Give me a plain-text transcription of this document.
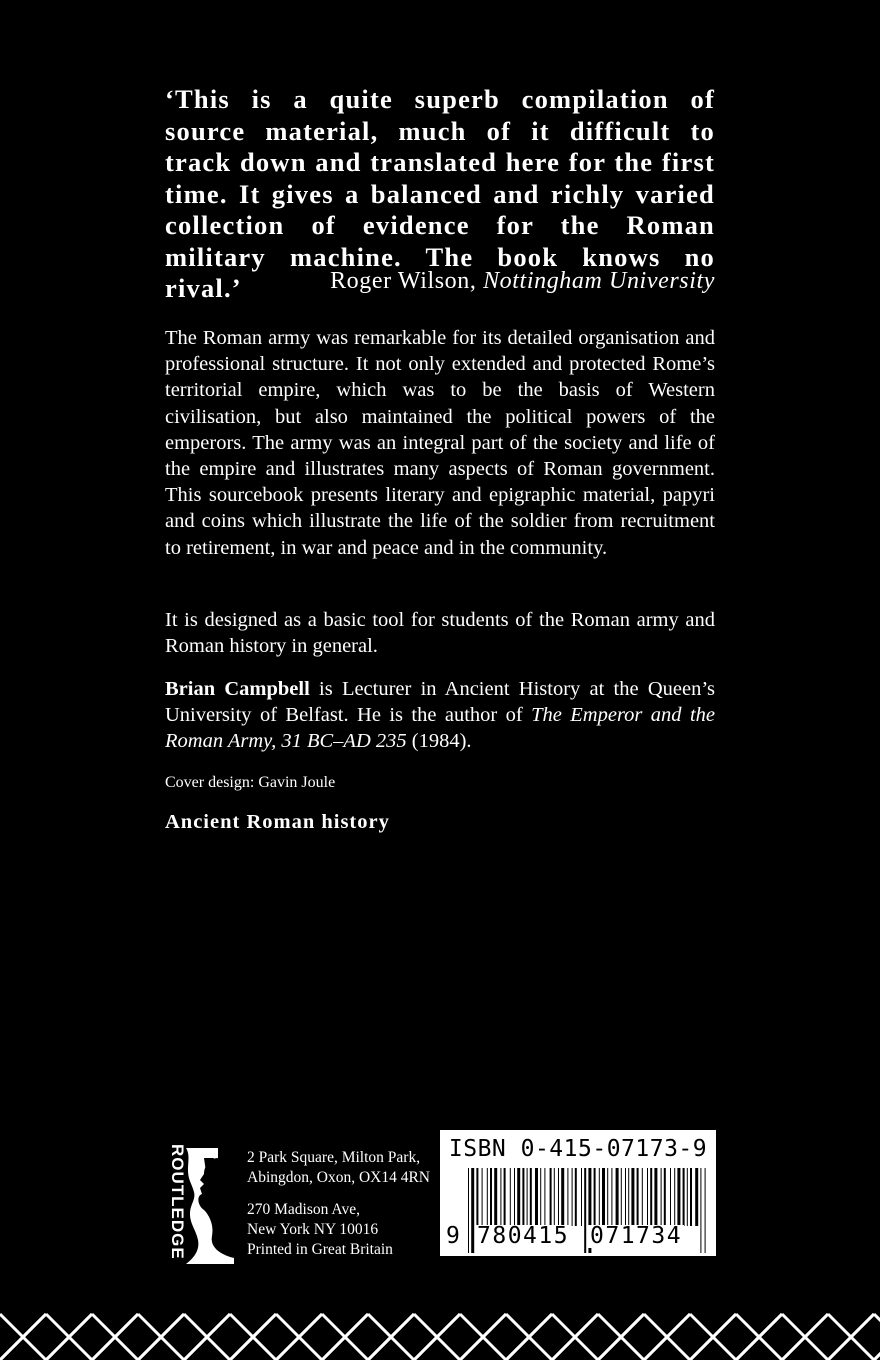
‘This is a quite superb compilation of source material, much of it difficult to track down and translated here for the first time. It gives a balanced and richly varied collection of evidence for the Roman military machine. The book knows no rival.’	Roger Wilson, Nottingham University
The Roman army was remarkable for its detailed organisation and professional structure. It not only extended and protected Rome’s territorial empire, which was to be the basis of Western civilisation, but also maintained the political powers of the emperors. The army was an integral part of the society and life of the empire and illustrates many aspects of Roman government. This sourcebook presents literary and epigraphic material, papyri and coins which illustrate the life of the soldier from recruitment to retirement, in war and peace and in the community.
It is designed as a basic tool for students of the Roman army and Roman history in general.
Brian Campbell is Lecturer in Ancient History at the Queen’s University of Belfast. He is the author of The Emperor and the Roman Army, 31 BC–AD 235 (1984).
Cover design: Gavin Joule
Ancient Roman history
ROUTLEDGE	2 Park Square, Milton Park,
Abingdon, Oxon, OX14 4RN
270 Madison Ave,
New York NY 10016
Printed in Great Britain
ISBN 0-415-07173-9
9 780415 071734
